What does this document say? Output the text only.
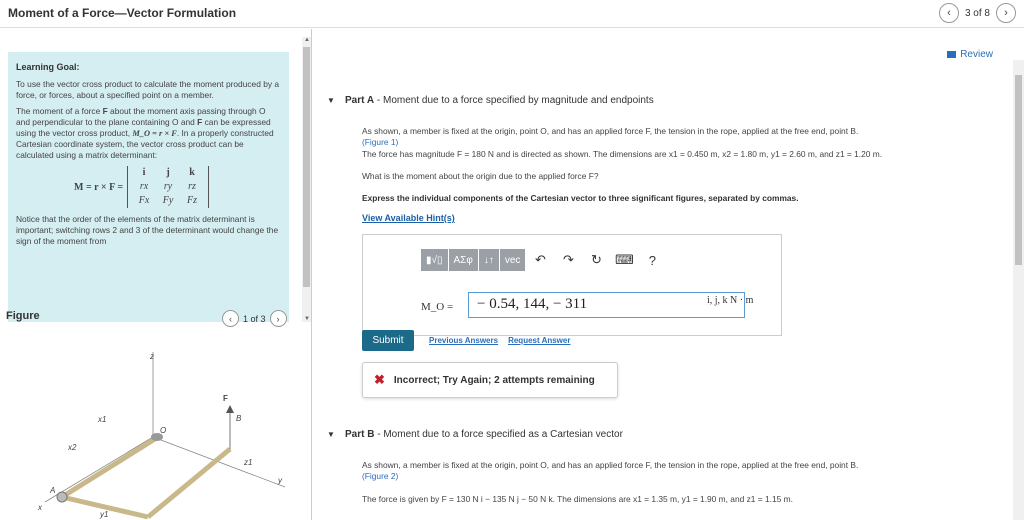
Moment of a Force—Vector Formulation	‹	3 of 8	›
Learning Goal:

To use the vector cross product to calculate the moment produced by a force, or forces, about a specified point on a member.

The moment of a force F about the moment axis passing through O and perpendicular to the plane containing O and F can be expressed using the vector cross product, M_O = r × F. In a properly constructed Cartesian coordinate system, the vector cross product can be calculated using a matrix determinant:

M = r × F =
i	j	k
rx	ry	rz
Fx	Fy	Fz

Notice that the order of the elements of the matrix determinant is important; switching rows 2 and 3 of the determinant would change the sign of the moment from

▲
▼
Figure	‹	1 of 3	›
z
x1
O
x2
A
x
y1
F
B
z1
y
Review
▼ Part A - Moment due to a force specified by magnitude and endpoints
As shown, a member is fixed at the origin, point O, and has an applied force F, the tension in the rope, applied at the free end, point B.
(Figure 1)
The force has magnitude F = 180 N and is directed as shown. The dimensions are x1 = 0.450 m, x2 = 1.80 m, y1 = 2.60 m, and z1 = 1.20 m.
What is the moment about the origin due to the applied force F?
Express the individual components of the Cartesian vector to three significant figures, separated by commas.
View Available Hint(s)
▮√▯	ΑΣφ	↓↑	vec	↶	↷	↻	⌨	?
M_O =	− 0.54, 144, − 311	i, j, k N · m
Submit	Previous Answers Request Answer
✖ Incorrect; Try Again; 2 attempts remaining
▼ Part B - Moment due to a force specified as a Cartesian vector
As shown, a member is fixed at the origin, point O, and has an applied force F, the tension in the rope, applied at the free end, point B.
(Figure 2)
The force is given by F = 130 N i − 135 N j − 50 N k. The dimensions are x1 = 1.35 m, y1 = 1.90 m, and z1 = 1.15 m.
